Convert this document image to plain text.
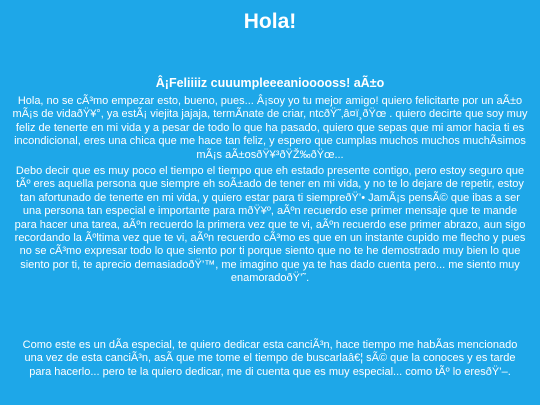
Hola!
Â¡Feliiiiz cuuumpleeeaniooooss! aÃ±o

Hola, no se cÃ³mo empezar esto, bueno, pues... Â¡soy yo tu mejor amigo! quiero felicitarte por un aÃ±o mÃ¡s de vidaðŸ¥°, ya estÃ¡ viejita jajaja, termÃnate de criar, ntcðŸ˜‚â¤ï¸ðŸœ . quiero decirte que soy muy feliz de tenerte en mi vida y a pesar de todo lo que ha pasado, quiero que sepas que mi amor hacia ti es incondicional, eres una chica que me hace tan feliz, y espero que cumplas muchos muchos muchÃsimos mÃ¡s aÃ±osðŸ¥³ðŸŽ‰ðŸœ...

Debo decir que es muy poco el tiempo el tiempo que eh estado presente contigo, pero estoy seguro que tÃº eres aquella persona que siempre eh soÃ±ado de tener en mi vida, y no te lo dejare de repetir, estoy tan afortunado de tenerte en mi vida, y quiero estar para ti siempreðŸ’• JamÃ¡s pensÃ© que ibas a ser una persona tan especial e importante para mðŸ¥º, aÃºn recuerdo ese primer mensaje que te mande para hacer una tarea, aÃºn recuerdo la primera vez que te vi, aÃºn recuerdo ese primer abrazo, aun sigo recordando la Ãºltima vez que te vi, aÃºn recuerdo cÃ³mo es que en un instante cupido me flecho y pues no se cÃ³mo expresar todo lo que siento por ti porque siento que no te he demostrado muy bien lo que siento por ti, te aprecio demasiadoðŸ’™, me imagino que ya te has dado cuenta pero... me siento muy enamoradoðŸ’˜.

Como este es un dÃa especial, te quiero dedicar esta canciÃ³n, hace tiempo me habÃas mencionado una vez de esta canciÃ³n, asÃ que me tome el tiempo de buscarlaâ€¦ sÃ© que la conoces y es tarde para hacerlo... pero te la quiero dedicar, me di cuenta que es muy especial... como tÃº lo eresðŸ’–.
